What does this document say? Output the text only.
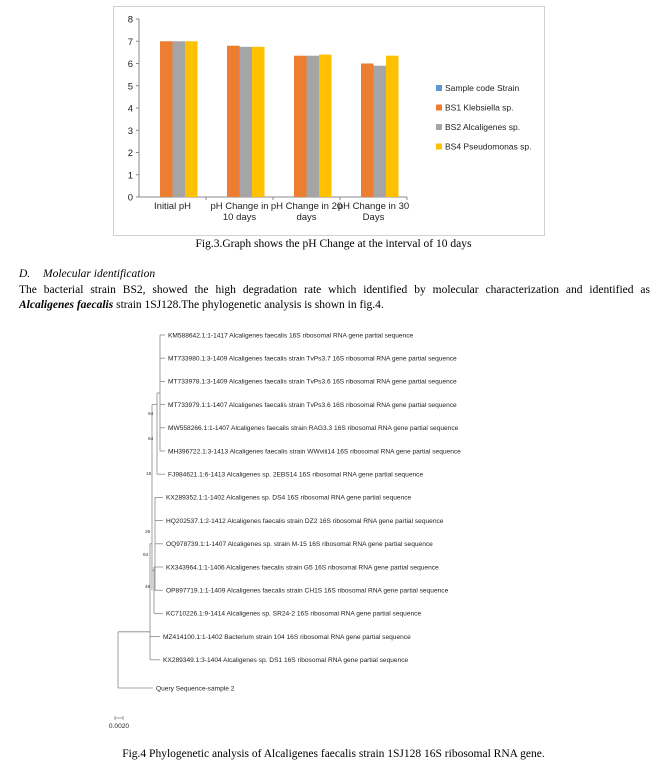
0
1
2
3
4
5
6
7
8
Initial pH pH Change in 10 days
pH Change in 20 days
pH Change in 30 Days
Sample code Strain
BS1 Klebsiella sp.
BS2 Alcaligenes sp.
BS4 Pseudomonas sp.
Fig.3.Graph shows the pH Change at the interval of 10 days
D. Molecular identification
The bacterial strain BS2, showed the high degradation rate which identified by molecular characterization and identified as
Alcaligenes faecalis strain 1SJ128.The phylogenetic analysis is shown in fig.4.
KM588642.1:1-1417 Alcaligenes faecalis 16S ribosomal RNA gene partial sequence
MT733980.1:3-1409 Alcaligenes faecalis strain TvPs3.7 16S ribosomal RNA gene partial sequence
MT733978.1:3-1409 Alcaligenes faecalis strain TvPs3.6 16S ribosomal RNA gene partial sequence
MT733979.1:1-1407 Alcaligenes faecalis strain TvPs3.6 16S ribosomal RNA gene partial sequence
MW558266.1:1-1407 Alcaligenes faecalis strain RAG3.3 16S ribosomal RNA gene partial sequence
MH396722.1:3-1413 Alcaligenes faecalis strain WWviii14 16S ribosomal RNA gene partial sequence
FJ984621.1:6-1413 Alcaligenes sp. 2EBS14 16S ribosomal RNA gene partial sequence
KX289352.1:1-1402 Alcaligenes sp. DS4 16S ribosomal RNA gene partial sequence
HQ202537.1:2-1412 Alcaligenes faecalis strain DZ2 16S ribosomal RNA gene partial sequence
OQ978739.1:1-1407 Alcaligenes sp. strain M-15 16S ribosomal RNA gene partial sequence
KX343964.1:1-1406 Alcaligenes faecalis strain G5 16S ribosomal RNA gene partial sequence
OP897719.1:1-1409 Alcaligenes faecalis strain CH1S 16S ribosomal RNA gene partial sequence
KC710226.1:9-1414 Alcaligenes sp. SR24-2 16S ribosomal RNA gene partial sequence
MZ414100.1:1-1402 Bacterium strain 104 16S ribosomal RNA gene partial sequence
KX289349.1:3-1404 Alcaligenes sp. DS1 16S ribosomal RNA gene partial sequence
Query Sequence-sample 2
64
64
15
26
64
46
0.0020
Fig.4 Phylogenetic analysis of Alcaligenes faecalis strain 1SJ128 16S ribosomal RNA gene.
